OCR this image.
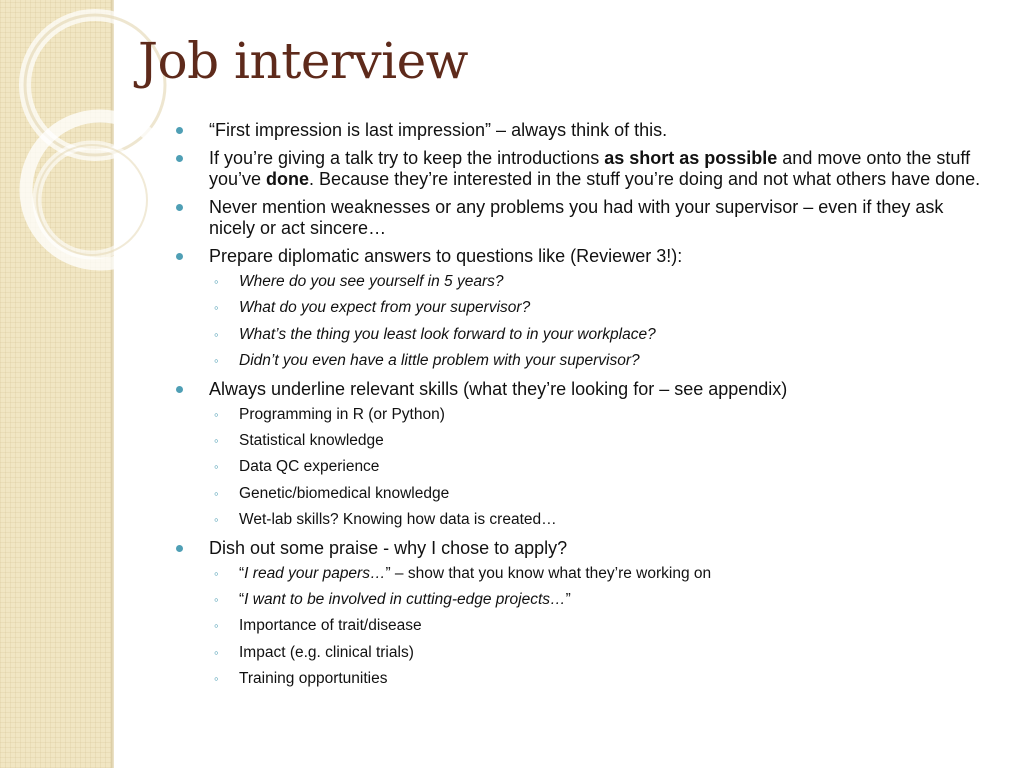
Job interview
“First impression is last impression” – always think of this.
If you’re giving a talk try to keep the introductions as short as possible and move onto the stuff you’ve done. Because they’re interested in the stuff you’re doing and not what others have done.
Never mention weaknesses or any problems you had with your supervisor – even if they ask nicely or act sincere…
Prepare diplomatic answers to questions like (Reviewer 3!):
◦ Where do you see yourself in 5 years?
◦ What do you expect from your supervisor?
◦ What’s the thing you least look forward to in your workplace?
◦ Didn’t you even have a little problem with your supervisor?
Always underline relevant skills (what they’re looking for – see appendix)
◦ Programming in R (or Python)
◦ Statistical knowledge
◦ Data QC experience
◦ Genetic/biomedical knowledge
◦ Wet-lab skills? Knowing how data is created…
Dish out some praise - why I chose to apply?
◦ “I read your papers…” – show that you know what they’re working on
◦ “I want to be involved in cutting-edge projects…”
◦ Importance of trait/disease
◦ Impact (e.g. clinical trials)
◦ Training opportunities
